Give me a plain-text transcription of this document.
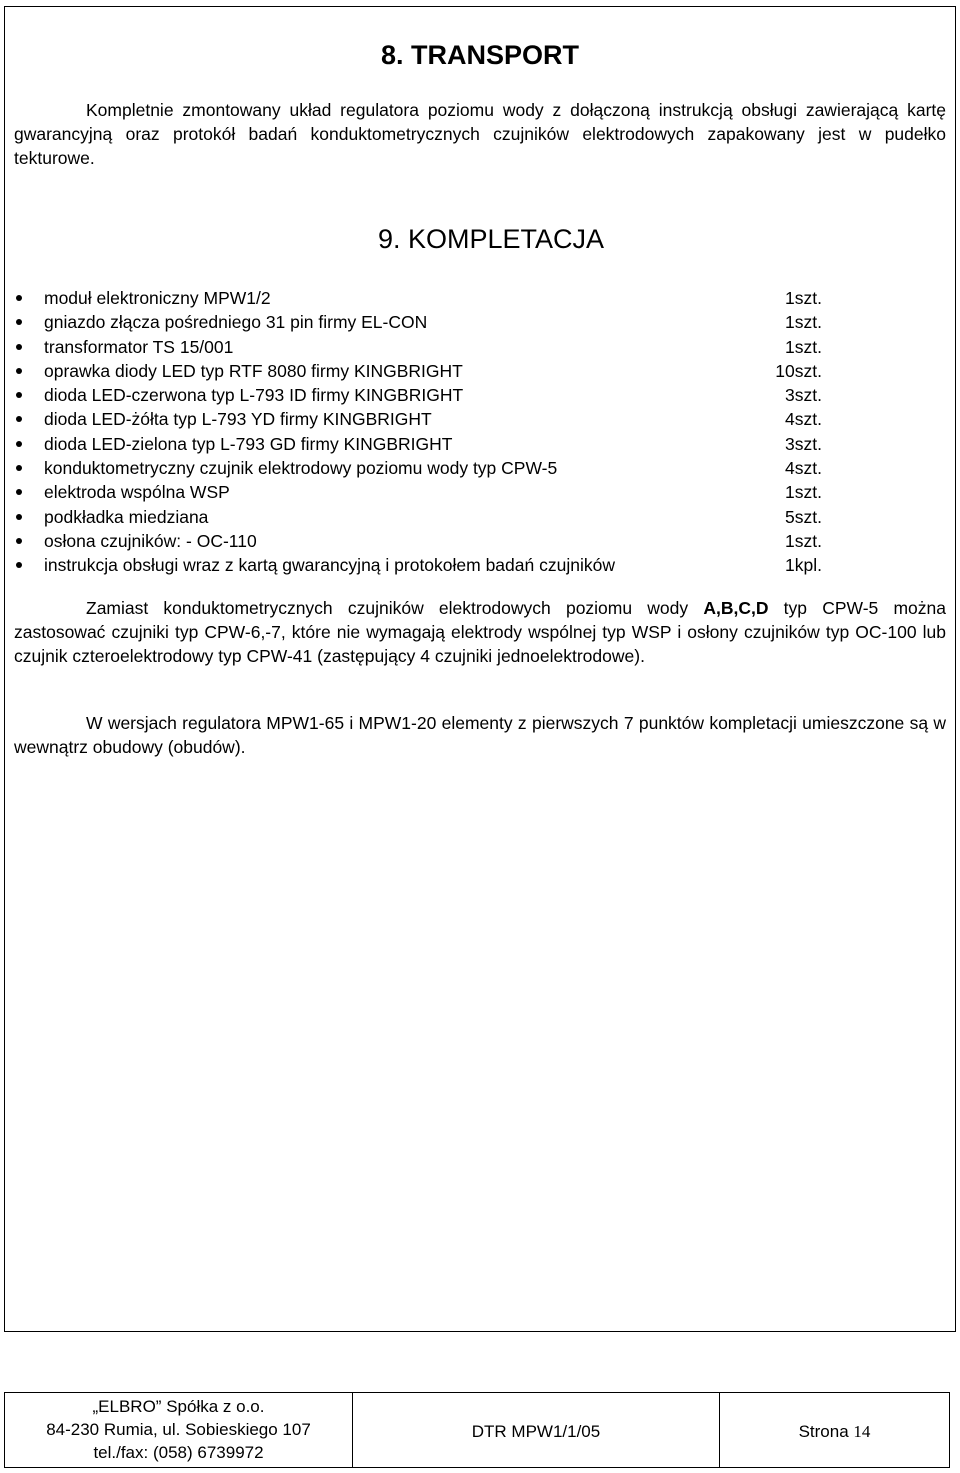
8. TRANSPORT

Kompletnie zmontowany układ regulatora poziomu wody z dołączoną instrukcją obsługi zawierającą kartę gwarancyjną oraz protokół badań konduktometrycznych czujników elektrodowych zapakowany jest w pudełko tekturowe.

9. KOMPLETACJA
moduł elektroniczny MPW1/2	1szt.
gniazdo złącza pośredniego 31 pin firmy EL-CON	1szt.
transformator TS 15/001	1szt.
oprawka diody LED typ RTF 8080 firmy KINGBRIGHT	10szt.
dioda LED-czerwona typ L-793 ID firmy KINGBRIGHT	3szt.
dioda LED-żółta typ L-793 YD firmy KINGBRIGHT	4szt.
dioda LED-zielona typ L-793 GD firmy KINGBRIGHT	3szt.
konduktometryczny czujnik elektrodowy poziomu wody typ CPW-5	4szt.
elektroda wspólna WSP	1szt.
podkładka miedziana	5szt.
osłona czujników: - OC-110	1szt.
instrukcja obsługi wraz z kartą gwarancyjną i protokołem badań czujników	1kpl.

Zamiast konduktometrycznych czujników elektrodowych poziomu wody A,B,C,D typ CPW-5 można zastosować czujniki typ CPW-6,-7, które nie wymagają elektrody wspólnej typ WSP i osłony czujników typ OC-100 lub czujnik czteroelektrodowy typ CPW-41 (zastępujący 4 czujniki jednoelektrodowe).

W wersjach regulatora MPW1-65 i MPW1-20 elementy z pierwszych 7 punktów kompletacji umieszczone są w wewnątrz obudowy (obudów).

„ELBRO” Spółka z o.o.
84-230 Rumia, ul. Sobieskiego 107
tel./fax: (058) 6739972
DTR MPW1/1/05	Strona 14
